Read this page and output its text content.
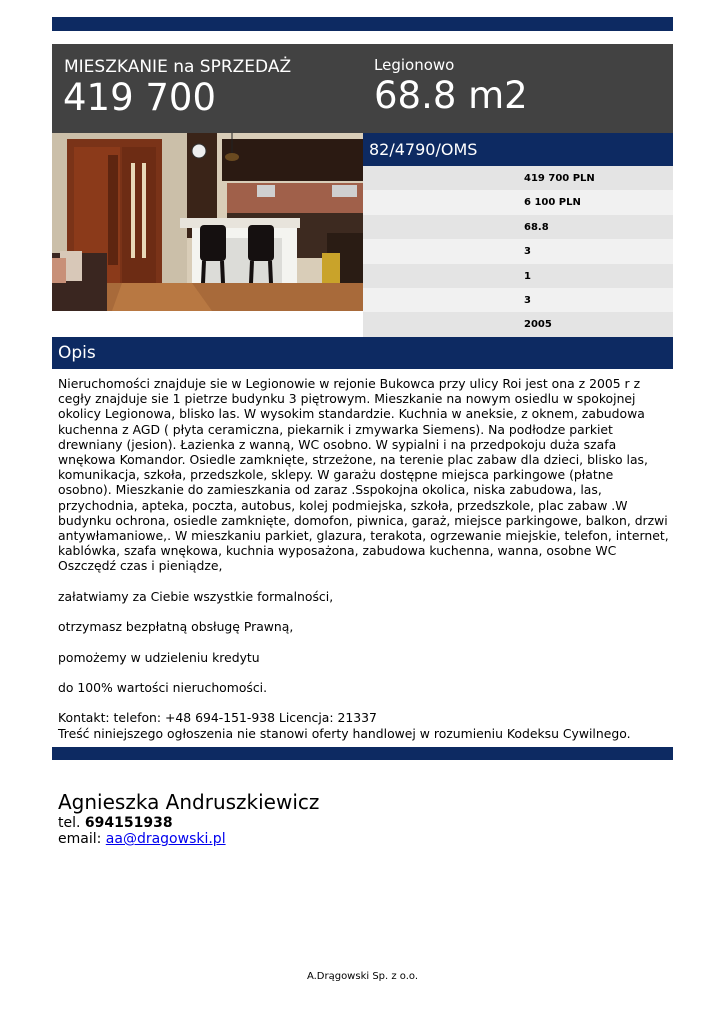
MIESZKANIE na SPRZEDAŻ
419 700
Legionowo
68.8 m2
82/4790/OMS
419 700 PLN
6 100 PLN
68.8
3
1
3
2005
Opis

Nieruchomości znajduje sie w Legionowie w rejonie Bukowca przy ulicy Roi jest ona z 2005 r z cegły znajduje sie 1 pietrze budynku 3 piętrowym. Mieszkanie na nowym osiedlu w spokojnej okolicy Legionowa, blisko las. W wysokim standardzie. Kuchnia w aneksie, z oknem, zabudowa kuchenna z AGD ( płyta ceramiczna, piekarnik i zmywarka Siemens). Na podłodze parkiet drewniany (jesion). Łazienka z wanną, WC osobno. W sypialni i na przedpokoju duża szafa wnękowa Komandor. Osiedle zamknięte, strzeżone, na terenie plac zabaw dla dzieci, blisko las, komunikacja, szkoła, przedszkole, sklepy. W garażu dostępne miejsca parkingowe (płatne osobno). Mieszkanie do zamieszkania od zaraz .Sspokojna okolica, niska zabudowa, las, przychodnia, apteka, poczta, autobus, kolej podmiejska, szkoła, przedszkole, plac zabaw .W budynku ochrona, osiedle zamknięte, domofon, piwnica, garaż, miejsce parkingowe, balkon, drzwi antywłamaniowe,. W mieszkaniu parkiet, glazura, terakota, ogrzewanie miejskie, telefon, internet, kablówka, szafa wnękowa, kuchnia wyposażona, zabudowa kuchenna, wanna, osobne WC

Oszczędź czas i pieniądze,

załatwiamy za Ciebie wszystkie formalności,

otrzymasz bezpłatną obsługę Prawną,

pomożemy w udzieleniu kredytu

do 100% wartości nieruchomości.

Kontakt: telefon: +48 694-151-938 Licencja: 21337

Treść niniejszego ogłoszenia nie stanowi oferty handlowej w rozumieniu Kodeksu Cywilnego.

Agnieszka Andruszkiewicz
tel. 694151938
email: aa@dragowski.pl
A.Drągowski Sp. z o.o.
